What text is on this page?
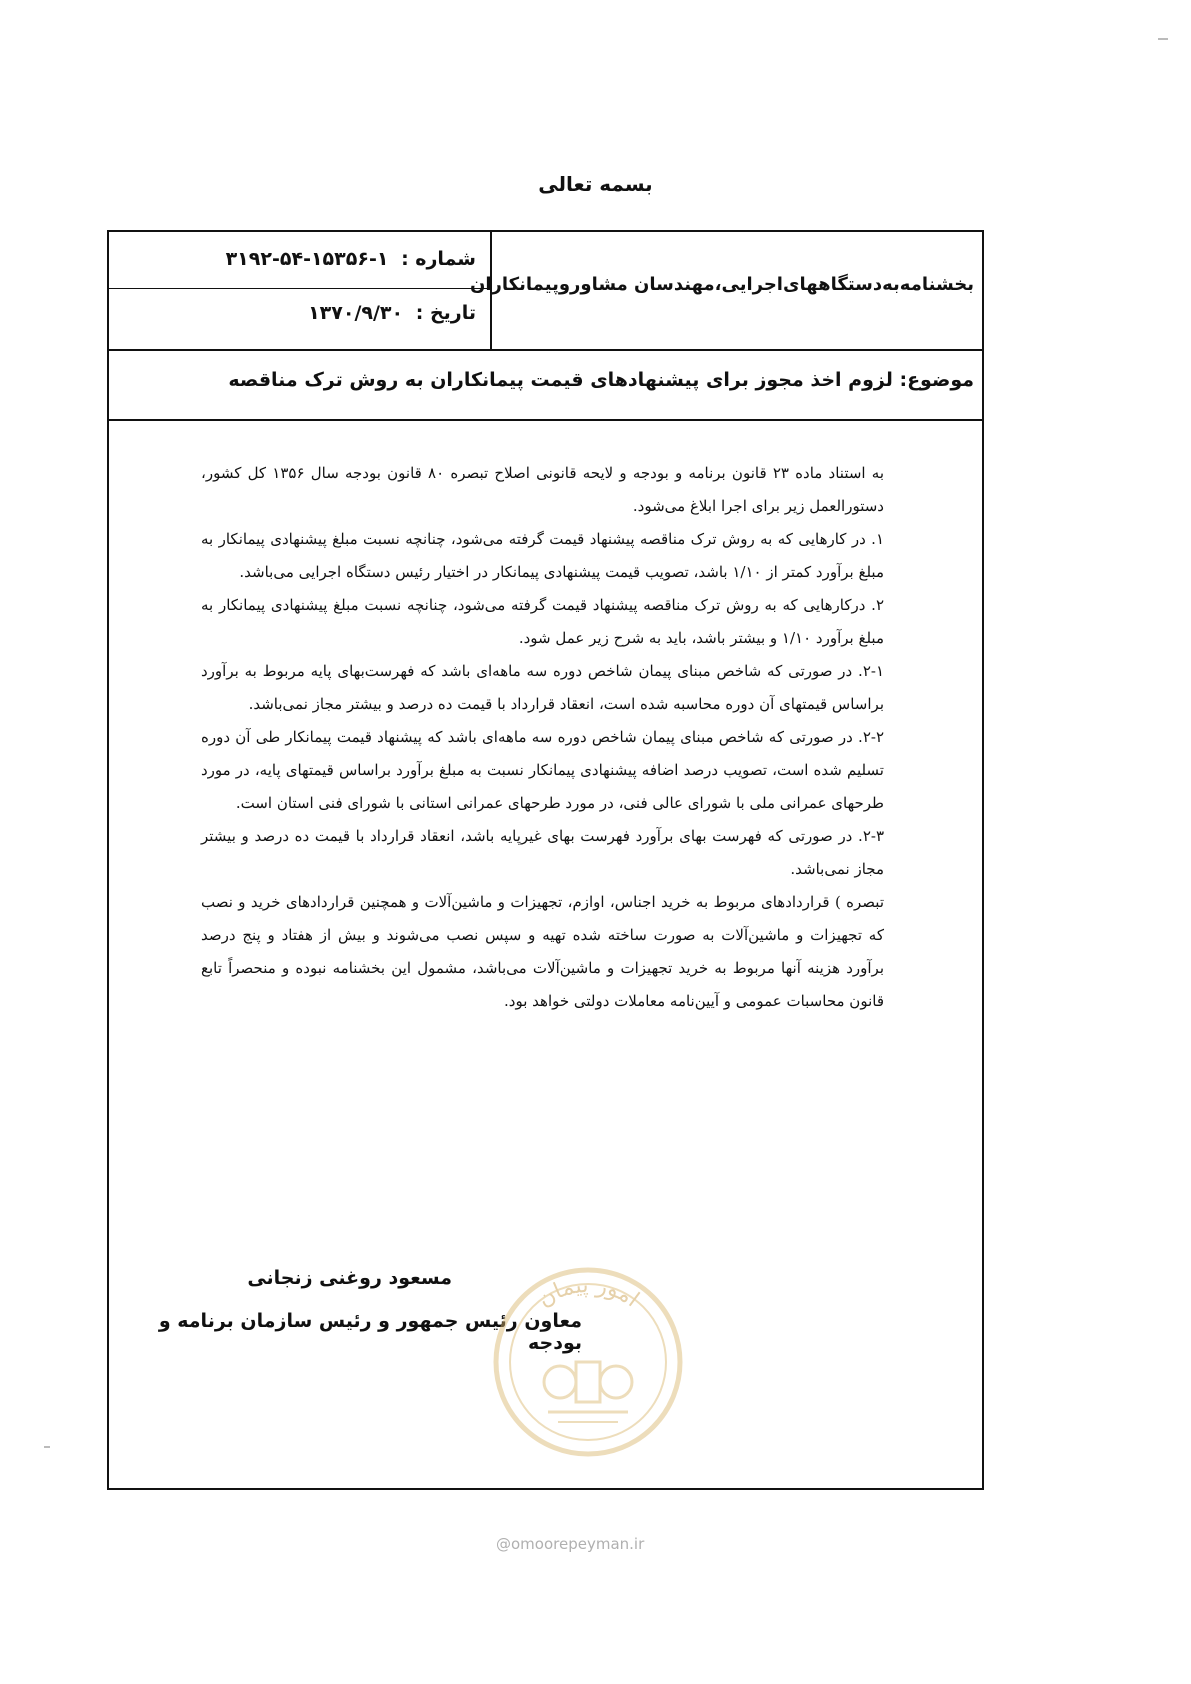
بسمه تعالی
بخشنامه‌به‌دستگاههای‌اجرایی،مهندسان مشاوروپیمانکاران
شماره : ۱-۱۵۳۵۶-۵۴-۳۱۹۲
تاریخ : ۱۳۷۰/۹/۳۰
موضوع: لزوم اخذ مجوز برای پیشنهادهای قیمت پیمانکاران به روش ترک مناقصه

به استناد ماده ۲۳ قانون برنامه و بودجه و لایحه قانونی اصلاح تبصره ۸۰ قانون بودجه سال ۱۳۵۶ کل کشور، دستورالعمل زیر برای اجرا ابلاغ می‌شود.

۱. در کارهایی که به روش ترک مناقصه پیشنهاد قیمت گرفته می‌شود، چنانچه نسبت مبلغ پیشنهادی پیمانکار به مبلغ برآورد کمتر از ۱/۱۰ باشد، تصویب قیمت پیشنهادی پیمانکار در اختیار رئیس دستگاه اجرایی می‌باشد.

۲. درکارهایی که به روش ترک مناقصه پیشنهاد قیمت گرفته می‌شود، چنانچه نسبت مبلغ پیشنهادی پیمانکار به مبلغ برآورد ۱/۱۰ و بیشتر باشد، باید به شرح زیر عمل شود.

۲-۱. در صورتی که شاخص مبنای پیمان شاخص دوره سه ماهه‌ای باشد که فهرست‌بهای پایه مربوط به برآورد براساس قیمتهای آن دوره محاسبه شده است، انعقاد قرارداد با قیمت ده درصد و بیشتر مجاز نمی‌باشد.

۲-۲. در صورتی که شاخص مبنای پیمان شاخص دوره سه ماهه‌ای باشد که پیشنهاد قیمت پیمانکار طی آن دوره تسلیم شده است، تصویب درصد اضافه پیشنهادی پیمانکار نسبت به مبلغ برآورد براساس قیمتهای پایه، در مورد طرحهای عمرانی ملی با شورای عالی فنی، در مورد طرحهای عمرانی استانی با شورای فنی استان است.

۲-۳. در صورتی که فهرست بهای برآورد فهرست بهای غیرپایه باشد، انعقاد قرارداد با قیمت ده درصد و بیشتر مجاز نمی‌باشد.

تبصره ) قراردادهای مربوط به خرید اجناس، اوازم، تجهیزات و ماشین‌آلات و همچنین قراردادهای خرید و نصب که تجهیزات و ماشین‌آلات به صورت ساخته شده تهیه و سپس نصب می‌شوند و بیش از هفتاد و پنج درصد برآورد هزینه آنها مربوط به خرید تجهیزات و ماشین‌آلات می‌باشد، مشمول این بخشنامه نبوده و منحصراً تابع قانون محاسبات عمومی و آیین‌نامه معاملات دولتی خواهد بود.

مسعود روغنی زنجانی
معاون رئیس جمهور و رئیس سازمان برنامه و بودجه
امور پیمان
@omoorepeyman.ir
